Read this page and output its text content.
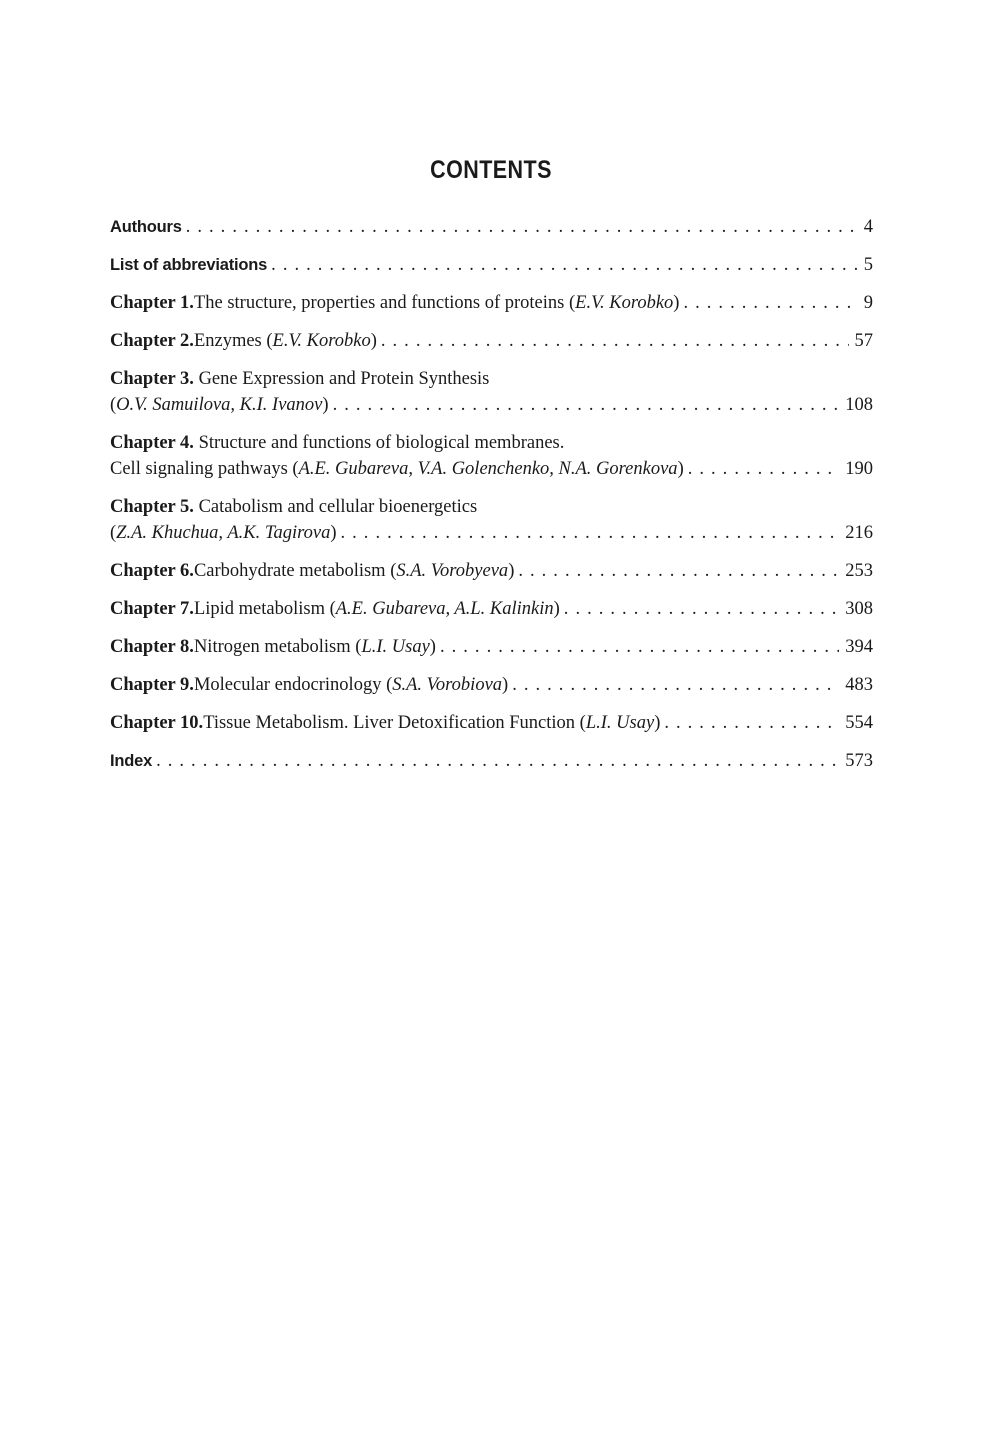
CONTENTS
Authours . . .	4
List of abbreviations . . .	5
Chapter 1. The structure, properties and functions of proteins ( E.V. Korobko ) . . .	9
Chapter 2. Enzymes ( E.V. Korobko ) . . .	57
Chapter 3. Gene Expression and Protein Synthesis
( O.V. Samuilova, K.I. Ivanov ) . . .	108
Chapter 4. Structure and functions of biological membranes.
Cell signaling pathways ( A.E. Gubareva, V.A. Golenchenko, N.A. Gorenkova ) . . .	190
Chapter 5. Catabolism and cellular bioenergetics
( Z.A. Khuchua, A.K. Tagirova ) . . .	216
Chapter 6. Carbohydrate metabolism ( S.A. Vorobyeva ) . . .	253
Chapter 7. Lipid metabolism ( A.E. Gubareva, A.L. Kalinkin ) . . .	308
Chapter 8. Nitrogen metabolism ( L.I. Usay ) . . .	394
Chapter 9. Molecular endocrinology ( S.A. Vorobiova ) . . .	483
Chapter 10. Tissue Metabolism. Liver Detoxification Function ( L.I. Usay ) . . .	554
Index . . .	573
